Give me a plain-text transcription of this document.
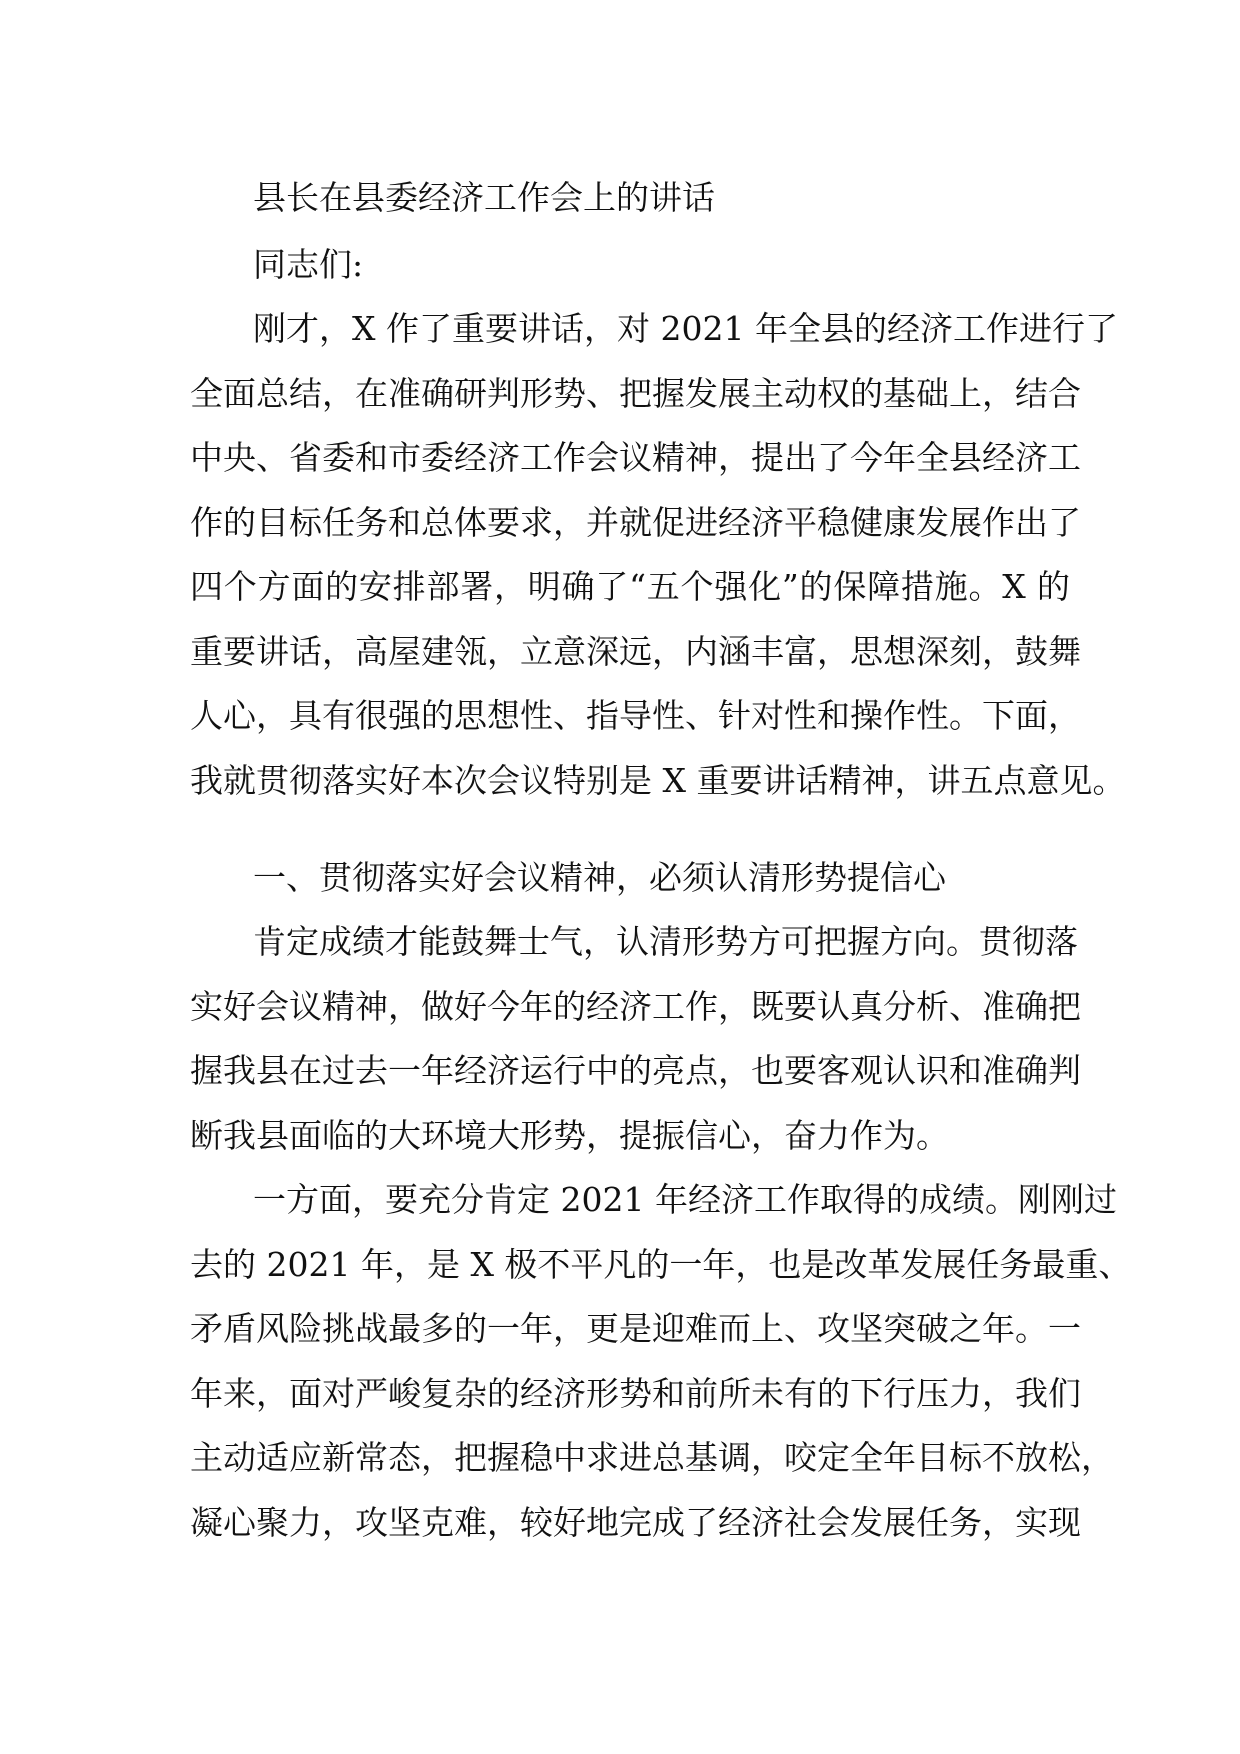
县长在县委经济工作会上的讲话
同志们:
刚才，X 作了重要讲话，对 2021 年全县的经济工作进行了
全面总结，在准确研判形势、把握发展主动权的基础上，结合
中央、省委和市委经济工作会议精神，提出了今年全县经济工
作的目标任务和总体要求，并就促进经济平稳健康发展作出了
四个方面的安排部署，明确了“五个强化”的保障措施。X 的
重要讲话，高屋建瓴，立意深远，内涵丰富，思想深刻，鼓舞
人心，具有很强的思想性、指导性、针对性和操作性。下面，
我就贯彻落实好本次会议特别是 X 重要讲话精神，讲五点意见。
一、贯彻落实好会议精神，必须认清形势提信心
肯定成绩才能鼓舞士气，认清形势方可把握方向。贯彻落
实好会议精神，做好今年的经济工作，既要认真分析、准确把
握我县在过去一年经济运行中的亮点，也要客观认识和准确判
断我县面临的大环境大形势，提振信心，奋力作为。
一方面，要充分肯定 2021 年经济工作取得的成绩。刚刚过
去的 2021 年，是 X 极不平凡的一年，也是改革发展任务最重、
矛盾风险挑战最多的一年，更是迎难而上、攻坚突破之年。一
年来，面对严峻复杂的经济形势和前所未有的下行压力，我们
主动适应新常态，把握稳中求进总基调，咬定全年目标不放松，
凝心聚力，攻坚克难，较好地完成了经济社会发展任务，实现
